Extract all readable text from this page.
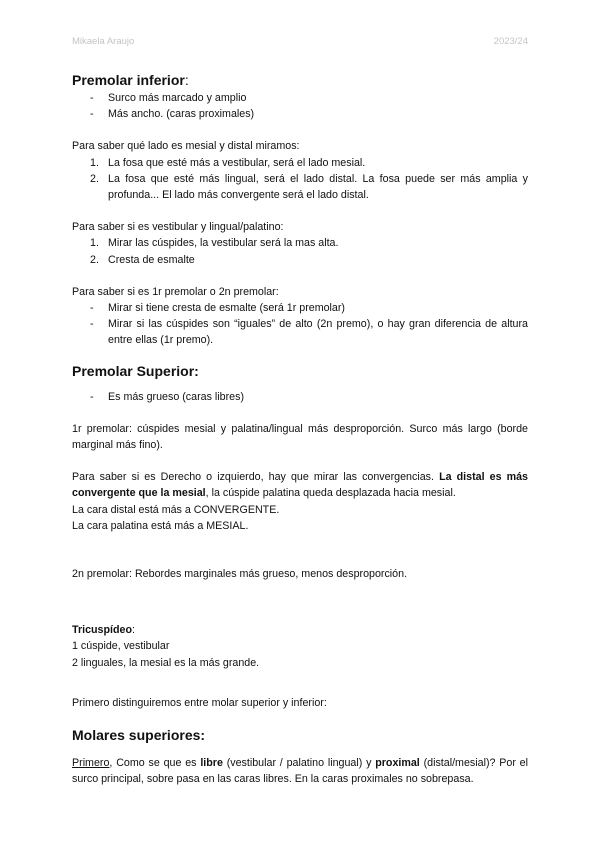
Mikaela Araujo	2023/24
Premolar inferior:
- Surco más marcado y amplio
- Más ancho. (caras proximales)

Para saber qué lado es mesial y distal miramos:

1. La fosa que esté más a vestibular, será el lado mesial.
2. La fosa que esté más lingual, será el lado distal. La fosa puede ser más amplia y profunda... El lado más convergente será el lado distal.

Para saber si es vestibular y lingual/palatino:

1. Mirar las cúspides, la vestibular será la mas alta.
2. Cresta de esmalte

Para saber si es 1r premolar o 2n premolar:

- Mirar si tiene cresta de esmalte (será 1r premolar)
- Mirar si las cúspides son “iguales” de alto (2n premo), o hay gran diferencia de altura entre ellas (1r premo).
Premolar Superior:
- Es más grueso (caras libres)

1r premolar: cúspides mesial y palatina/lingual más desproporción. Surco más largo (borde marginal más fino).

Para saber si es Derecho o izquierdo, hay que mirar las convergencias. La distal es más convergente que la mesial, la cúspide palatina queda desplazada hacia mesial.

La cara distal está más a CONVERGENTE.

La cara palatina está más a MESIAL.

2n premolar: Rebordes marginales más grueso, menos desproporción.

Tricuspídeo:

1 cúspide, vestibular

2 linguales, la mesial es la más grande.

Primero distinguiremos entre molar superior y inferior:

Molares superiores:

Primero, Como se que es libre (vestibular / palatino lingual) y proximal (distal/mesial)? Por el surco principal, sobre pasa en las caras libres. En la caras proximales no sobrepasa.
